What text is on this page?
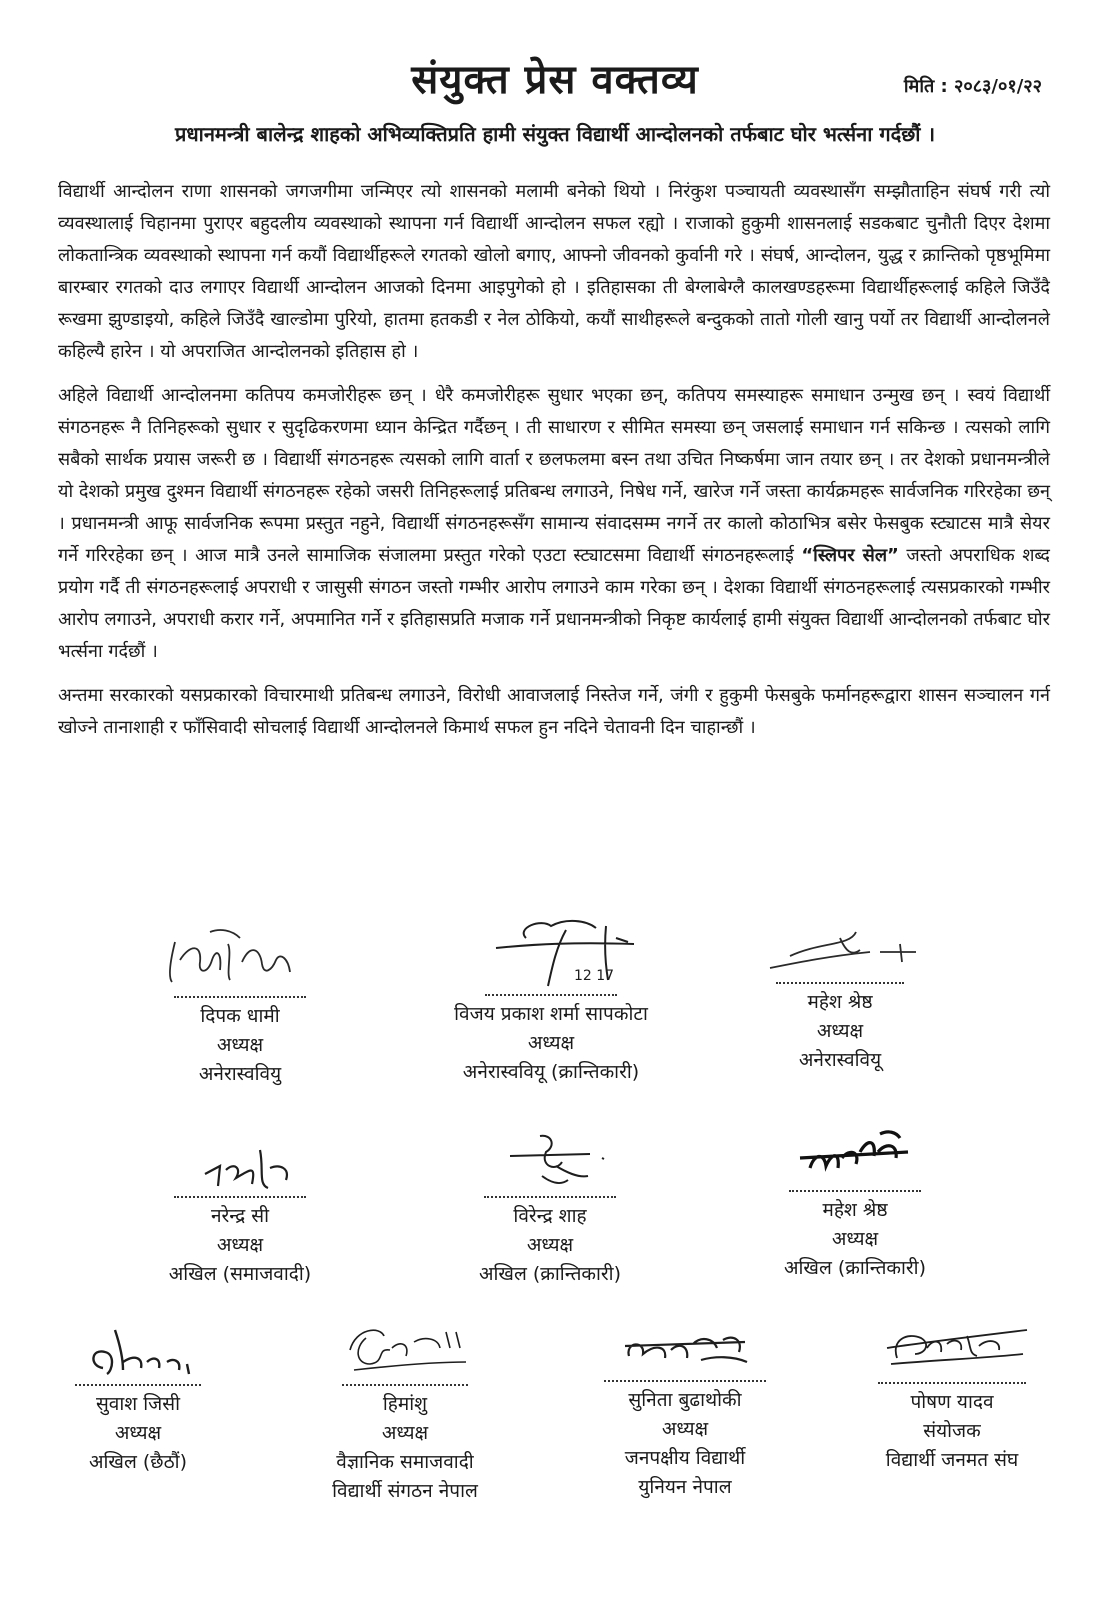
संयुक्त प्रेस वक्तव्य	मिति : २०८३/०१/२२
प्रधानमन्त्री बालेन्द्र शाहको अभिव्यक्तिप्रति हामी संयुक्त विद्यार्थी आन्दोलनको तर्फबाट घोर भर्त्सना गर्दछौं ।

विद्यार्थी आन्दोलन राणा शासनको जगजगीमा जन्मिएर त्यो शासनको मलामी बनेको थियो । निरंकुश पञ्चायती व्यवस्थासँग सम्झौताहिन संघर्ष गरी त्यो व्यवस्थालाई चिहानमा पुराएर बहुदलीय व्यवस्थाको स्थापना गर्न विद्यार्थी आन्दोलन सफल रह्यो । राजाको हुकुमी शासनलाई सडकबाट चुनौती दिएर देशमा लोकतान्त्रिक व्यवस्थाको स्थापना गर्न कयौं विद्यार्थीहरूले रगतको खोलो बगाए, आफ्नो जीवनको कुर्वानी गरे । संघर्ष, आन्दोलन, युद्ध र क्रान्तिको पृष्ठभूमिमा बारम्बार रगतको दाउ लगाएर विद्यार्थी आन्दोलन आजको दिनमा आइपुगेको हो । इतिहासका ती बेग्लाबेग्लै कालखण्डहरूमा विद्यार्थीहरूलाई कहिले जिउँदै रूखमा झुण्डाइयो, कहिले जिउँदै खाल्डोमा पुरियो, हातमा हतकडी र नेल ठोकियो, कयौं साथीहरूले बन्दुकको तातो गोली खानु पर्यो तर विद्यार्थी आन्दोलनले कहिल्यै हारेन । यो अपराजित आन्दोलनको इतिहास हो ।

अहिले विद्यार्थी आन्दोलनमा कतिपय कमजोरीहरू छन् । धेरै कमजोरीहरू सुधार भएका छन्, कतिपय समस्याहरू समाधान उन्मुख छन् । स्वयं विद्यार्थी संगठनहरू नै तिनिहरूको सुधार र सुदृढिकरणमा ध्यान केन्द्रित गर्दैछन् । ती साधारण र सीमित समस्या छन् जसलाई समाधान गर्न सकिन्छ । त्यसको लागि सबैको सार्थक प्रयास जरूरी छ । विद्यार्थी संगठनहरू त्यसको लागि वार्ता र छलफलमा बस्न तथा उचित निष्कर्षमा जान तयार छन् । तर देशको प्रधानमन्त्रीले यो देशको प्रमुख दुश्मन विद्यार्थी संगठनहरू रहेको जसरी तिनिहरूलाई प्रतिबन्ध लगाउने, निषेध गर्ने, खारेज गर्ने जस्ता कार्यक्रमहरू सार्वजनिक गरिरहेका छन् । प्रधानमन्त्री आफू सार्वजनिक रूपमा प्रस्तुत नहुने, विद्यार्थी संगठनहरूसँग सामान्य संवादसम्म नगर्ने तर कालो कोठाभित्र बसेर फेसबुक स्ट्याटस मात्रै सेयर गर्ने गरिरहेका छन् । आज मात्रै उनले सामाजिक संजालमा प्रस्तुत गरेको एउटा स्ट्याटसमा विद्यार्थी संगठनहरूलाई “स्लिपर सेल” जस्तो अपराधिक शब्द प्रयोग गर्दै ती संगठनहरूलाई अपराधी र जासुसी संगठन जस्तो गम्भीर आरोप लगाउने काम गरेका छन् । देशका विद्यार्थी संगठनहरूलाई त्यसप्रकारको गम्भीर आरोप लगाउने, अपराधी करार गर्ने, अपमानित गर्ने र इतिहासप्रति मजाक गर्ने प्रधानमन्त्रीको निकृष्ट कार्यलाई हामी संयुक्त विद्यार्थी आन्दोलनको तर्फबाट घोर भर्त्सना गर्दछौं ।

अन्तमा सरकारको यसप्रकारको विचारमाथी प्रतिबन्ध लगाउने, विरोधी आवाजलाई निस्तेज गर्ने, जंगी र हुकुमी फेसबुके फर्मानहरूद्वारा शासन सञ्चालन गर्न खोज्ने तानाशाही र फाँसिवादी सोचलाई विद्यार्थी आन्दोलनले किमार्थ सफल हुन नदिने चेतावनी दिन चाहान्छौं ।

दिपक धामी
अध्यक्ष
अनेरास्ववियु
12 17
विजय प्रकाश शर्मा सापकोटा
अध्यक्ष
अनेरास्ववियू (क्रान्तिकारी)
महेश श्रेष्ठ
अध्यक्ष
अनेरास्ववियू
नरेन्द्र सी
अध्यक्ष
अखिल (समाजवादी)
विरेन्द्र शाह
अध्यक्ष
अखिल (क्रान्तिकारी)
महेश श्रेष्ठ
अध्यक्ष
अखिल (क्रान्तिकारी)
सुवाश जिसी
अध्यक्ष
अखिल (छैठौं)
हिमांशु
अध्यक्ष
वैज्ञानिक समाजवादी
विद्यार्थी संगठन नेपाल
सुनिता बुढाथोकी
अध्यक्ष
जनपक्षीय विद्यार्थी
युनियन नेपाल
पोषण यादव
संयोजक
विद्यार्थी जनमत संघ
